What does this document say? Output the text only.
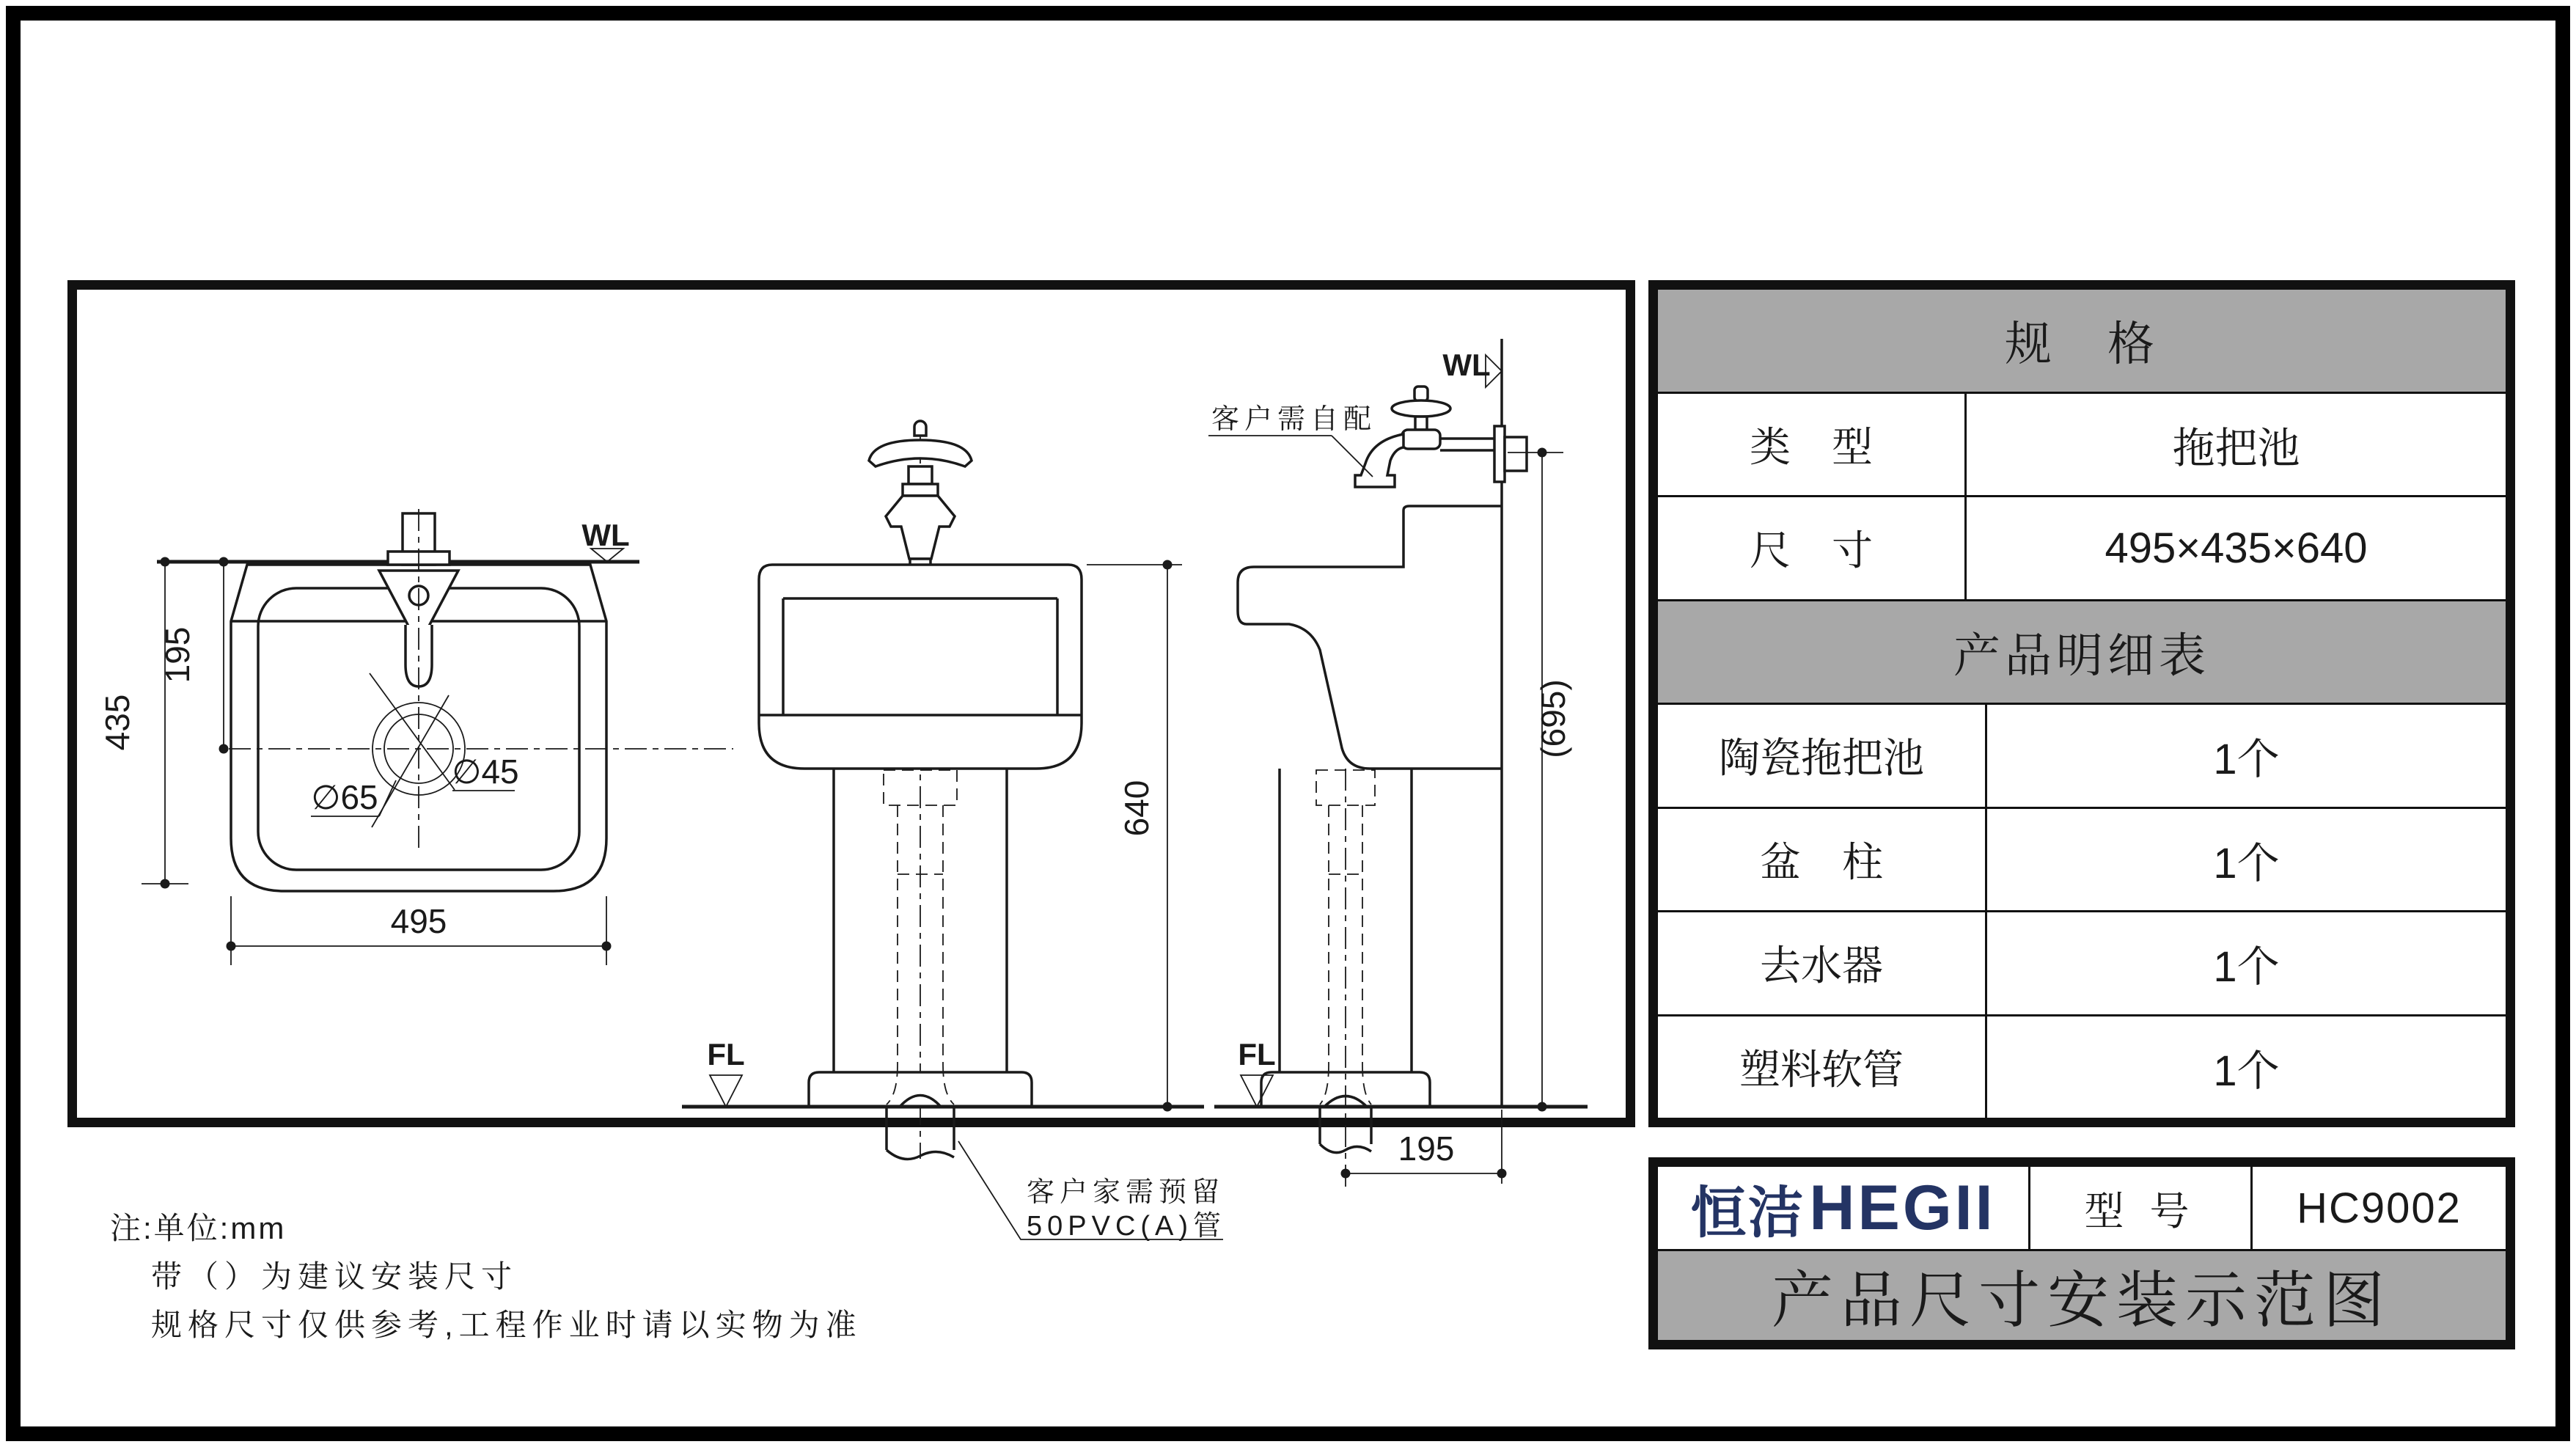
WL
∅45
∅65
435
195
495
FL
640
客户家需预留
50PVC(A)管
WL
客户需自配
FL
195
(695)
规　格
类　型	拖把池
尺　寸	495×435×640
产品明细表
陶瓷拖把池	1个
盆　柱	1个
去水器	1个
塑料软管	1个
恒洁 HEGII	型 号	HC9002
产品尺寸安装示范图
注:单位:mm
带（）为建议安装尺寸
规格尺寸仅供参考,工程作业时请以实物为准
